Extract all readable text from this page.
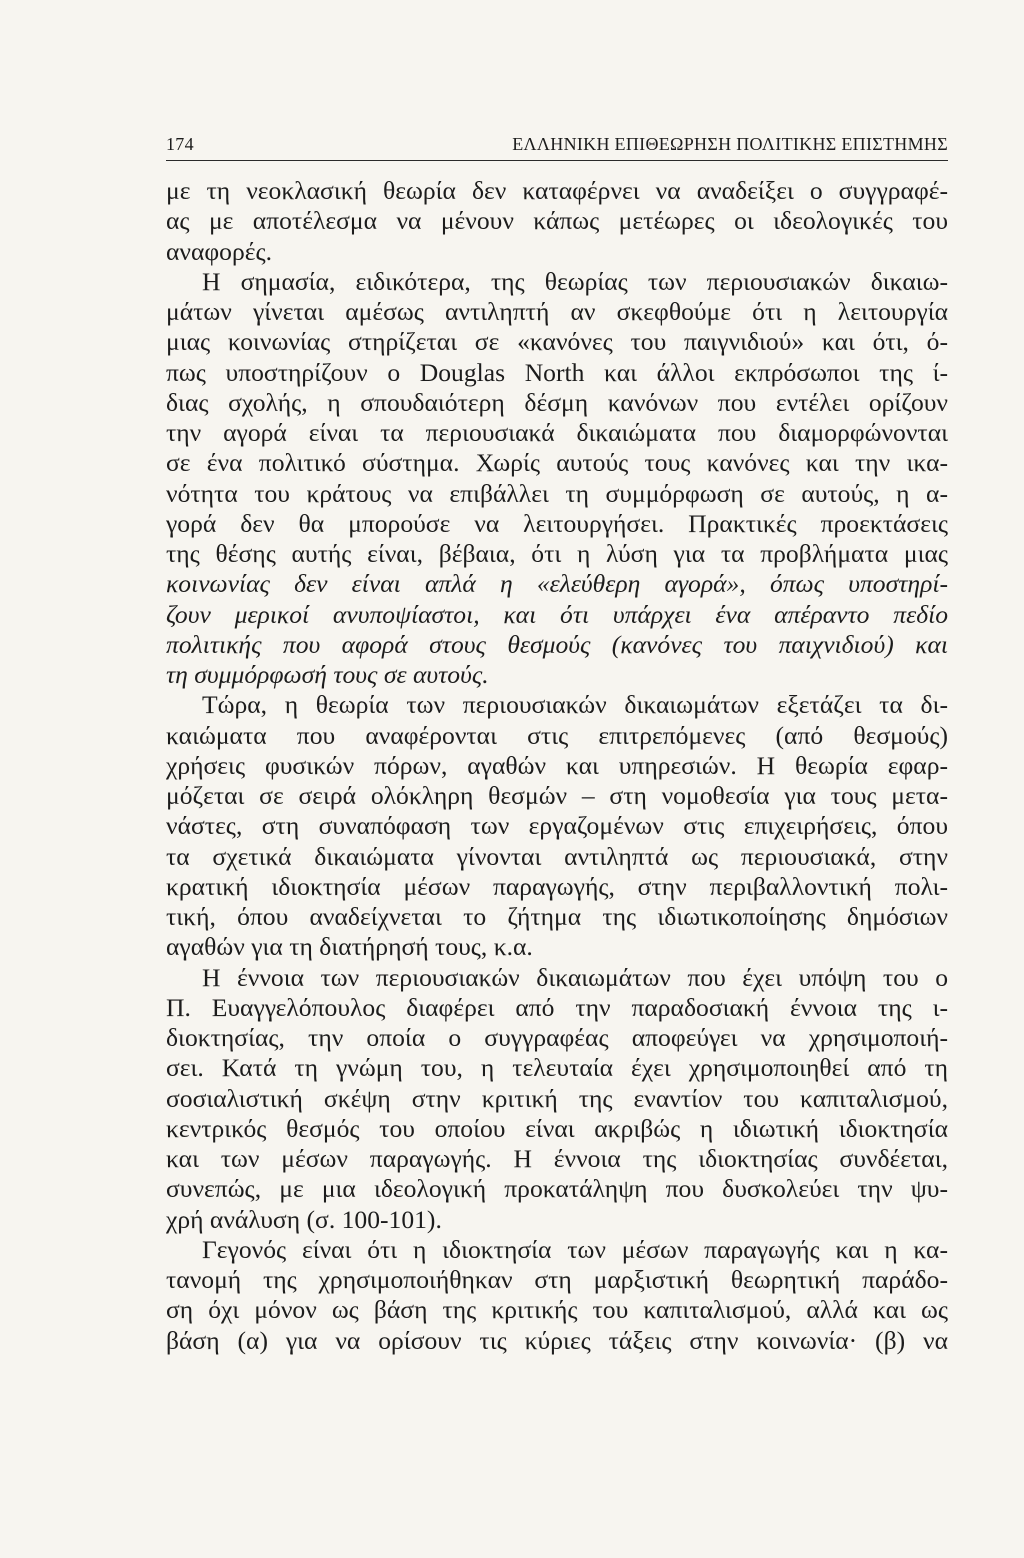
174	ΕΛΛΗΝΙΚΗ ΕΠΙΘΕΩΡΗΣΗ ΠΟΛΙΤΙΚΗΣ ΕΠΙΣΤΗΜΗΣ
με τη νεοκλασική θεωρία δεν καταφέρνει να αναδείξει ο συγγραφέ-
ας με αποτέλεσμα να μένουν κάπως μετέωρες οι ιδεολογικές του
αναφορές.
Η σημασία, ειδικότερα, της θεωρίας των περιουσιακών δικαιω-
μάτων γίνεται αμέσως αντιληπτή αν σκεφθούμε ότι η λειτουργία
μιας κοινωνίας στηρίζεται σε «κανόνες του παιγνιδιού» και ότι, ό-
πως υποστηρίζουν ο Douglas North και άλλοι εκπρόσωποι της ί-
διας σχολής, η σπουδαιότερη δέσμη κανόνων που εντέλει ορίζουν
την αγορά είναι τα περιουσιακά δικαιώματα που διαμορφώνονται
σε ένα πολιτικό σύστημα. Χωρίς αυτούς τους κανόνες και την ικα-
νότητα του κράτους να επιβάλλει τη συμμόρφωση σε αυτούς, η α-
γορά δεν θα μπορούσε να λειτουργήσει. Πρακτικές προεκτάσεις
της θέσης αυτής είναι, βέβαια, ότι η λύση για τα προβλήματα μιας
κοινωνίας δεν είναι απλά η «ελεύθερη αγορά», όπως υποστηρί-
ζουν μερικοί ανυποψίαστοι, και ότι υπάρχει ένα απέραντο πεδίο
πολιτικής που αφορά στους θεσμούς (κανόνες του παιχνιδιού) και
τη συμμόρφωσή τους σε αυτούς.
Τώρα, η θεωρία των περιουσιακών δικαιωμάτων εξετάζει τα δι-
καιώματα που αναφέρονται στις επιτρεπόμενες (από θεσμούς)
χρήσεις φυσικών πόρων, αγαθών και υπηρεσιών. Η θεωρία εφαρ-
μόζεται σε σειρά ολόκληρη θεσμών – στη νομοθεσία για τους μετα-
νάστες, στη συναπόφαση των εργαζομένων στις επιχειρήσεις, όπου
τα σχετικά δικαιώματα γίνονται αντιληπτά ως περιουσιακά, στην
κρατική ιδιοκτησία μέσων παραγωγής, στην περιβαλλοντική πολι-
τική, όπου αναδείχνεται το ζήτημα της ιδιωτικοποίησης δημόσιων
αγαθών για τη διατήρησή τους, κ.α.
Η έννοια των περιουσιακών δικαιωμάτων που έχει υπόψη του ο
Π. Ευαγγελόπουλος διαφέρει από την παραδοσιακή έννοια της ι-
διοκτησίας, την οποία ο συγγραφέας αποφεύγει να χρησιμοποιή-
σει. Κατά τη γνώμη του, η τελευταία έχει χρησιμοποιηθεί από τη
σοσιαλιστική σκέψη στην κριτική της εναντίον του καπιταλισμού,
κεντρικός θεσμός του οποίου είναι ακριβώς η ιδιωτική ιδιοκτησία
και των μέσων παραγωγής. Η έννοια της ιδιοκτησίας συνδέεται,
συνεπώς, με μια ιδεολογική προκατάληψη που δυσκολεύει την ψυ-
χρή ανάλυση (σ. 100-101).
Γεγονός είναι ότι η ιδιοκτησία των μέσων παραγωγής και η κα-
τανομή της χρησιμοποιήθηκαν στη μαρξιστική θεωρητική παράδο-
ση όχι μόνον ως βάση της κριτικής του καπιταλισμού, αλλά και ως
βάση (α) για να ορίσουν τις κύριες τάξεις στην κοινωνία· (β) να
